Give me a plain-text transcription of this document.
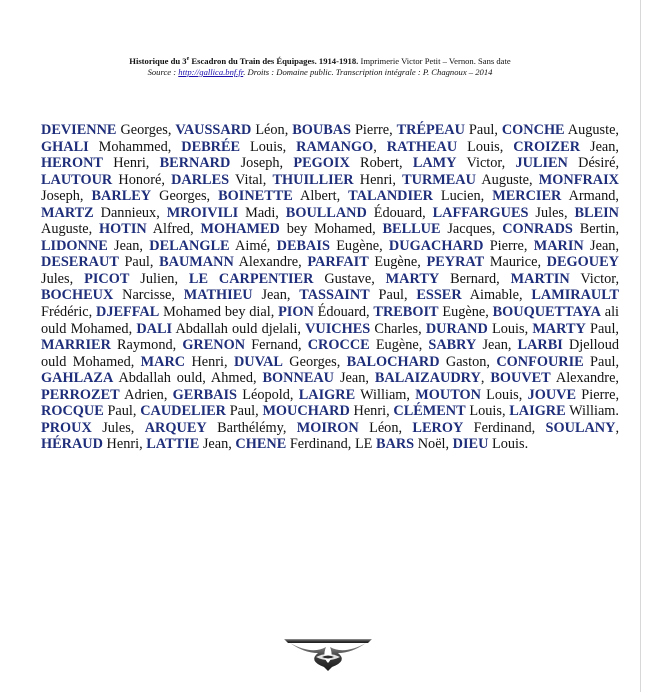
Historique du 3e Escadron du Train des Équipages. 1914-1918. Imprimerie Victor Petit – Vernon. Sans date
Source : http://gallica.bnf.fr. Droits : Domaine public. Transcription intégrale : P. Chagnoux – 2014
DEVIENNE Georges, VAUSSARD Léon, BOUBAS Pierre, TRÉPEAU Paul, CONCHE Auguste, GHALI Mohammed, DEBRÉE Louis, RAMANGO, RATHEAU Louis, CROIZER Jean, HERONT Henri, BERNARD Joseph, PEGOIX Robert, LAMY Victor, JULIEN Désiré, LAUTOUR Honoré, DARLES Vital, THUILLIER Henri, TURMEAU Auguste, MONFRAIX Joseph, BARLEY Georges, BOINETTE Albert, TALANDIER Lucien, MERCIER Armand, MARTZ Dannieux, MROIVILI Madi, BOULLAND Édouard, LAFFARGUES Jules, BLEIN Auguste, HOTIN Alfred, MOHAMED bey Mohamed, BELLUE Jacques, CONRADS Bertin, LIDONNE Jean, DELANGLE Aimé, DEBAIS Eugène, DUGACHARD Pierre, MARIN Jean, DESERAUT Paul, BAUMANN Alexandre, PARFAIT Eugène, PEYRAT Maurice, DEGOUEY Jules, PICOT Julien, LE CARPENTIER Gustave, MARTY Bernard, MARTIN Victor, BOCHEUX Narcisse, MATHIEU Jean, TASSAINT Paul, ESSER Aimable, LAMIRAULT Frédéric, DJEFFAL Mohamed bey dial, PION Édouard, TREBOIT Eugène, BOUQUETTAYA ali ould Mohamed, DALI Abdallah ould djelali, VUICHES Charles, DURAND Louis, MARTY Paul, MARRIER Raymond, GRENON Fernand, CROCCE Eugène, SABRY Jean, LARBI Djelloud ould Mohamed, MARC Henri, DUVAL Georges, BALOCHARD Gaston, CONFOURIE Paul, GAHLAZA Abdallah ould, Ahmed, BONNEAU Jean, BALAIZAUDRY, BOUVET Alexandre, PERROZET Adrien, GERBAIS Léopold, LAIGRE William, MOUTON Louis, JOUVE Pierre, ROCQUE Paul, CAUDELIER Paul, MOUCHARD Henri, CLÉMENT Louis, LAIGRE William. PROUX Jules, ARQUEY Barthélémy, MOIRON Léon, LEROY Ferdinand, SOULANY, HÉRAUD Henri, LATTIE Jean, CHENE Ferdinand, LE BARS Noël, DIEU Louis.
